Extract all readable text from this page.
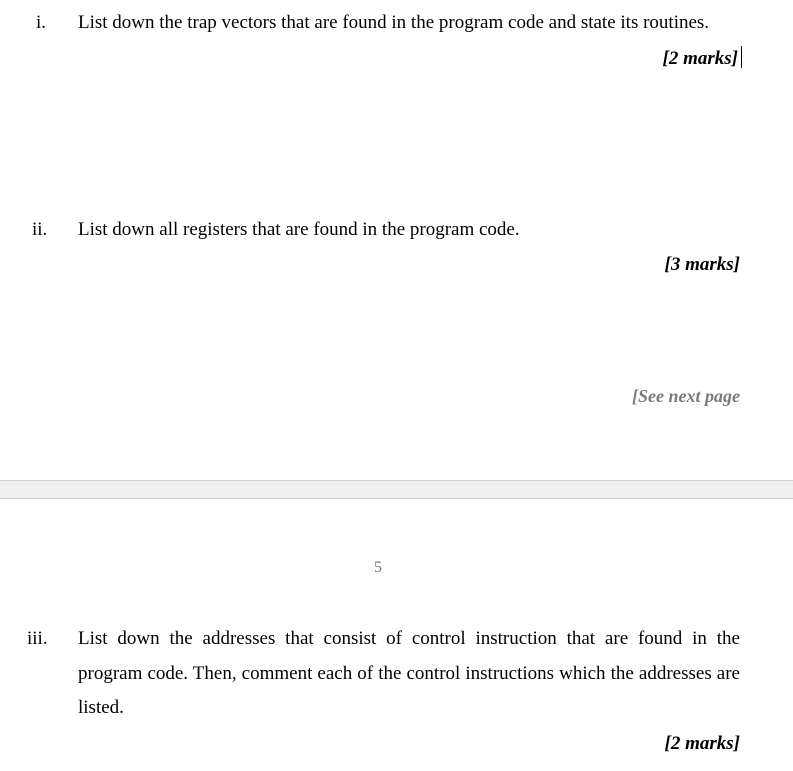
i. List down the trap vectors that are found in the program code and state its routines.
[2 marks]
ii. List down all registers that are found in the program code.
[3 marks]
[See next page
5
iii. List down the addresses that consist of control instruction that are found in the program code. Then, comment each of the control instructions which the addresses are listed.
[2 marks]
